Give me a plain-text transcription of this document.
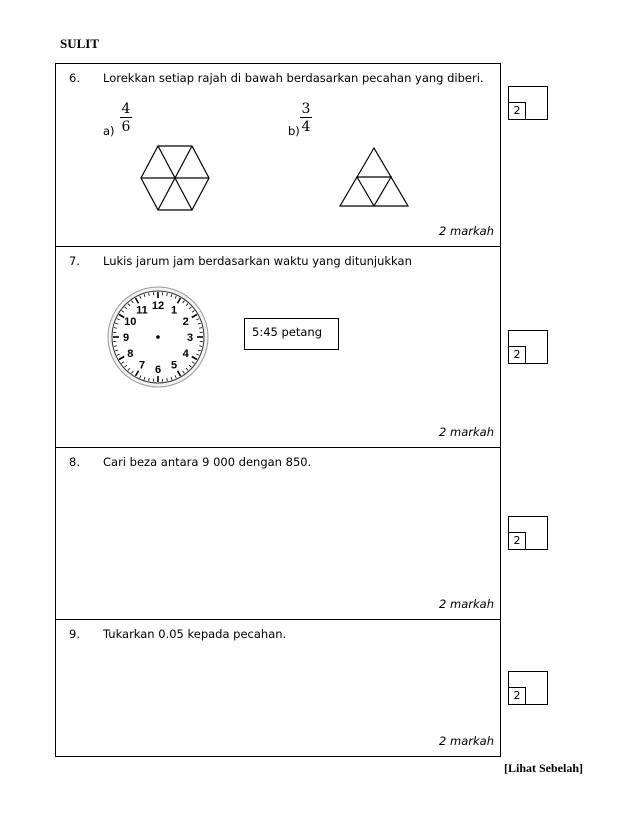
SULIT
6. Lorekkan setiap rajah di bawah berdasarkan pecahan yang diberi.
a)
4
6	b)
3
4
2 markah
7. Lukis jarum jam berdasarkan waktu yang ditunjukkan
12 1
2
3
4
5
6
7
8
9
10
11
5:45 petang
2 markah
8. Cari beza antara 9 000 dengan 850.
2 markah
9. Tukarkan 0.05 kepada pecahan.
2 markah
2
2
2
2
[Lihat Sebelah]
